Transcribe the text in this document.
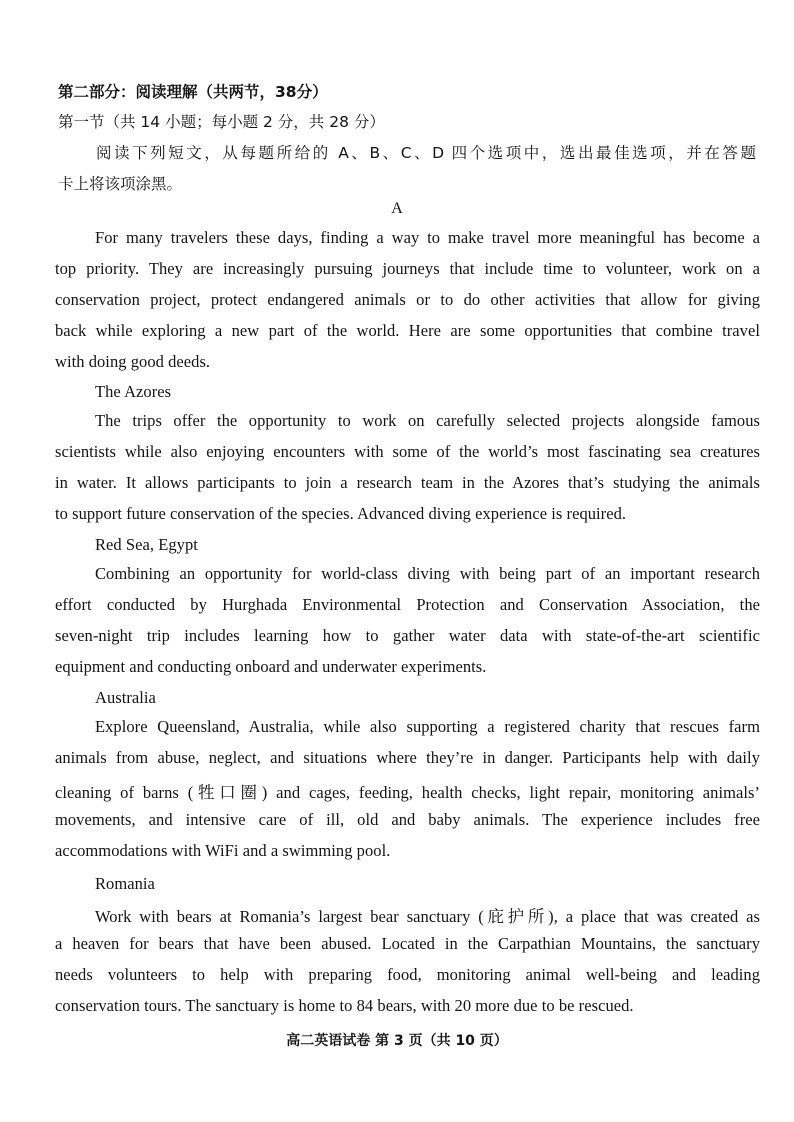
第二部分：阅读理解（共两节，38分）
第一节（共 14 小题；每小题 2 分，共 28 分）
阅读下列短文，从每题所给的 A、B、C、D 四个选项中，选出最佳选项，并在答题
卡上将该项涂黑。
A
For many travelers these days, finding a way to make travel more meaningful has become a
top priority. They are increasingly pursuing journeys that include time to volunteer, work on a
conservation project, protect endangered animals or to do other activities that allow for giving
back while exploring a new part of the world. Here are some opportunities that combine travel
with doing good deeds.
The Azores
The trips offer the opportunity to work on carefully selected projects alongside famous
scientists while also enjoying encounters with some of the world’s most fascinating sea creatures
in water. It allows participants to join a research team in the Azores that’s studying the animals
to support future conservation of the species. Advanced diving experience is required.
Red Sea, Egypt
Combining an opportunity for world-class diving with being part of an important research
effort conducted by Hurghada Environmental Protection and Conservation Association, the
seven-night trip includes learning how to gather water data with state-of-the-art scientific
equipment and conducting onboard and underwater experiments.
Australia
Explore Queensland, Australia, while also supporting a registered charity that rescues farm
animals from abuse, neglect, and situations where they’re in danger. Participants help with daily
cleaning of barns (牲口圈) and cages, feeding, health checks, light repair, monitoring animals’
movements, and intensive care of ill, old and baby animals. The experience includes free
accommodations with WiFi and a swimming pool.
Romania
Work with bears at Romania’s largest bear sanctuary (庇护所), a place that was created as
a heaven for bears that have been abused. Located in the Carpathian Mountains, the sanctuary
needs volunteers to help with preparing food, monitoring animal well-being and leading
conservation tours. The sanctuary is home to 84 bears, with 20 more due to be rescued.
高二英语试卷 第 3 页（共 10 页）
